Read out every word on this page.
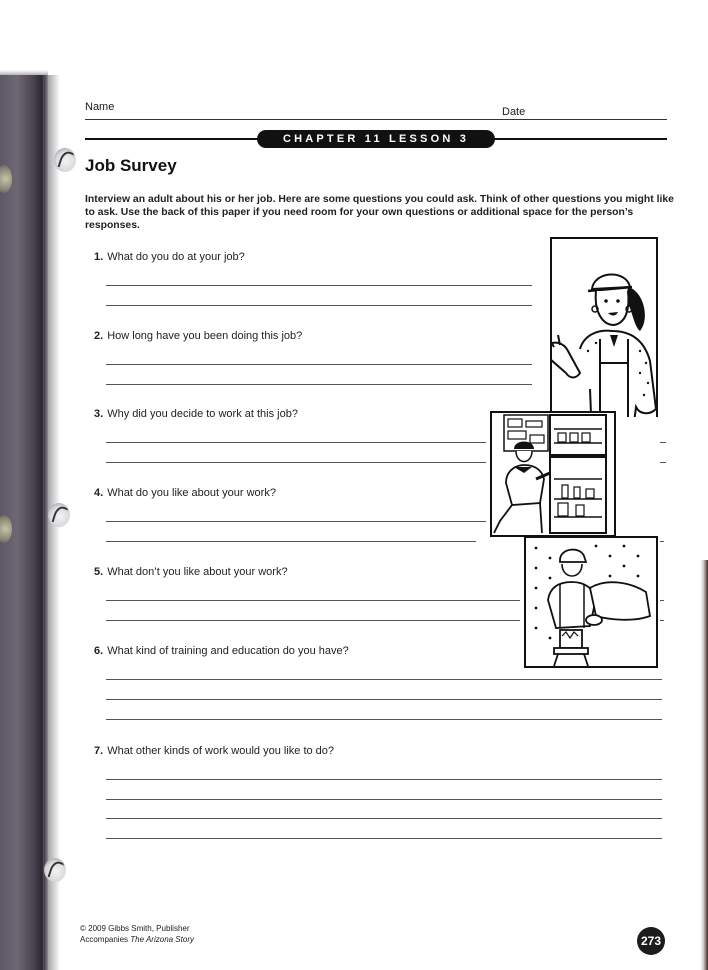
Name	Date
CHAPTER 11 LESSON 3
Job Survey
Interview an adult about his or her job. Here are some questions you could ask. Think of other questions you might like to ask. Use the back of this paper if you need room for your own questions or additional space for the person’s responses.
1. What do you do at your job?
2. How long have you been doing this job?
3. Why did you decide to work at this job?
4. What do you like about your work?
5. What don’t you like about your work?
6. What kind of training and education do you have?
7. What other kinds of work would you like to do?
© 2009 Gibbs Smith, Publisher
Accompanies The Arizona Story	273
